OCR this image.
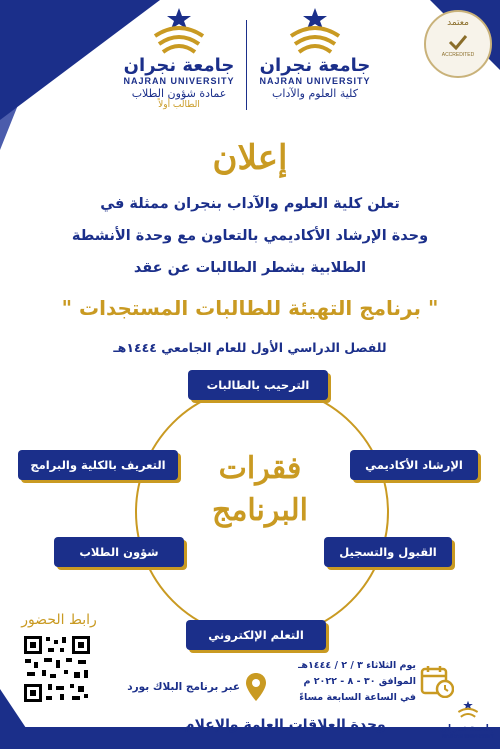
معتمد
ACCREDITED
جامعة نجران
NAJRAN UNIVERSITY
كلية العلوم والآداب
جامعة نجران
NAJRAN UNIVERSITY
عمادة شؤون الطلاب
الطالب أولاً
إعلان
تعلن كلية العلوم والآداب بنجران ممثلة في
وحدة الإرشاد الأكاديمي بالتعاون مع وحدة الأنشطة
الطلابية بشطر الطالبات عن عقد
" برنامج التهيئة للطالبات المستجدات "
للفصل الدراسي الأول للعام الجامعي ١٤٤٤هـ
فقرات
البرنامج
الترحيب بالطالبات
الإرشاد الأكاديمي
القبول والتسجيل
التعلم الإلكتروني
شؤون الطلاب
التعريف بالكلية والبرامج
رابط الحضور
عبر برنامج البلاك بورد
يوم الثلاثاء ٣ / ٢ / ١٤٤٤هـ
الموافق ٣٠ - ٨ - ٢٠٢٢ م
في الساعة السابعة مساءً
وحدة العلاقات العامة والإعلام	جامعة نجران
NAJRAN UNIVERSITY
